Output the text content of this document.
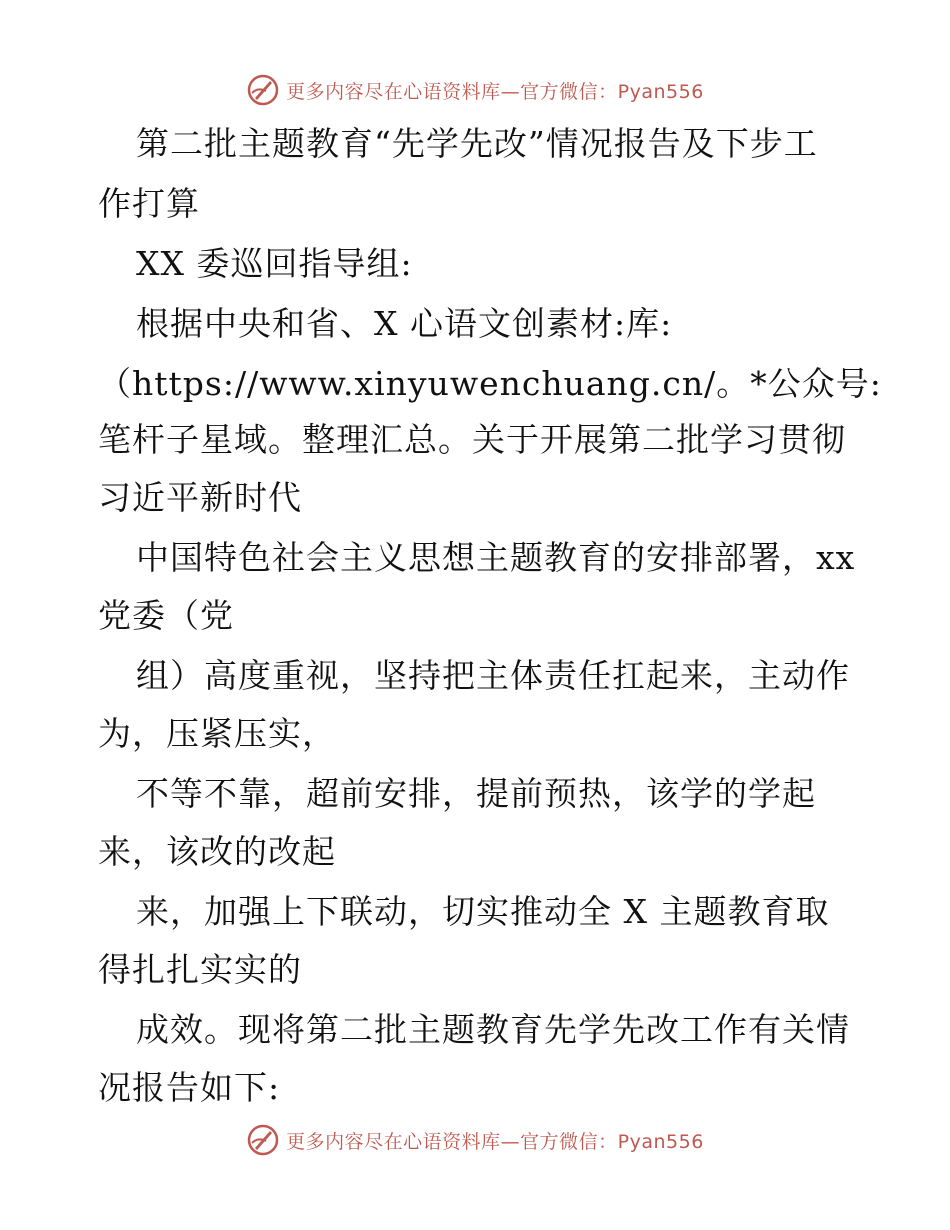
更多内容尽在心语资料库—官方微信：Pyan556
第二批主题教育“先学先改”情况报告及下步工
作打算
XX 委巡回指导组:
根据中央和省、X 心语文创素材:库:
（https://www.xinyuwenchuang.cn/。*公众号:
笔杆子星域。整理汇总。关于开展第二批学习贯彻
习近平新时代
中国特色社会主义思想主题教育的安排部署，xx
党委（党
组）高度重视，坚持把主体责任扛起来，主动作
为，压紧压实，
不等不靠，超前安排，提前预热，该学的学起
来，该改的改起
来，加强上下联动，切实推动全 X 主题教育取
得扎扎实实的
成效。现将第二批主题教育先学先改工作有关情
况报告如下:
更多内容尽在心语资料库—官方微信：Pyan556
